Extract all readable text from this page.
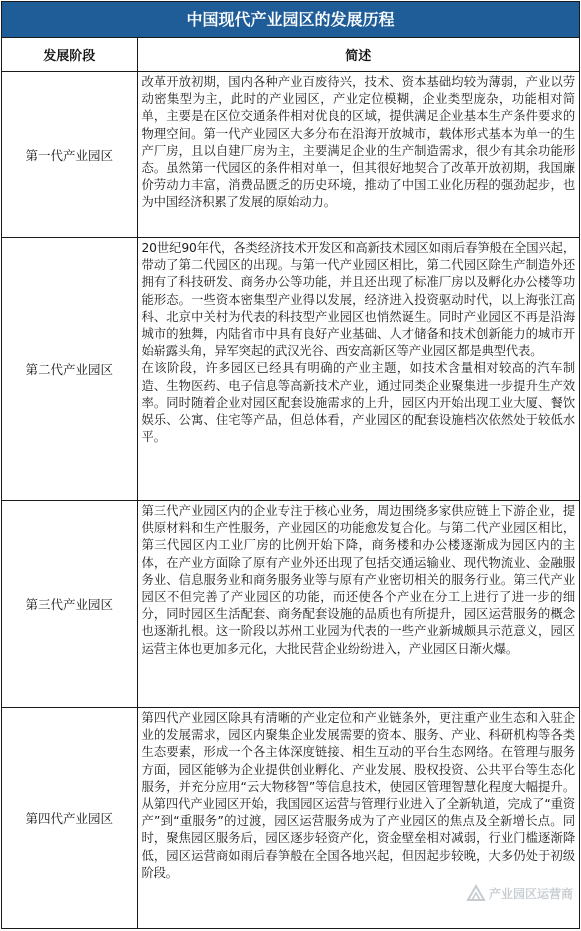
中国现代产业园区的发展历程
发展阶段	简述
第一代产业园区	改革开放初期，国内各种产业百废待兴，技术、资本基础均较为薄弱，产业以劳动密集型为主，此时的产业园区，产业定位模糊，企业类型庞杂，功能相对简单，主要是在区位交通条件相对优良的区域，提供满足企业基本生产条件要求的物理空间。第一代产业园区大多分布在沿海开放城市，载体形式基本为单一的生产厂房，且以自建厂房为主，主要满足企业的生产制造需求，很少有其余功能形态。虽然第一代园区的条件相对单一，但其很好地契合了改革开放初期，我国廉价劳动力丰富，消费品匮乏的历史环境，推动了中国工业化历程的强劲起步，也为中国经济积累了发展的原始动力。

第二代产业园区	20世纪90年代，各类经济技术开发区和高新技术园区如雨后春笋般在全国兴起，带动了第二代园区的出现。与第一代产业园区相比，第二代园区除生产制造外还拥有了科技研发、商务办公等功能，并且还出现了标准厂房以及孵化办公楼等功能形态。一些资本密集型产业得以发展，经济进入投资驱动时代，以上海张江高科、北京中关村为代表的科技型产业园区也悄然诞生。同时产业园区不再是沿海城市的独舞，内陆省市中具有良好产业基础、人才储备和技术创新能力的城市开始崭露头角，异军突起的武汉光谷、西安高新区等产业园区都是典型代表。

在该阶段，许多园区已经具有明确的产业主题，如技术含量相对较高的汽车制造、生物医药、电子信息等高新技术产业，通过同类企业聚集进一步提升生产效率。同时随着企业对园区配套设施需求的上升，园区内开始出现工业大厦、餐饮娱乐、公寓、住宅等产品，但总体看，产业园区的配套设施档次依然处于较低水平。

第三代产业园区	第三代产业园区内的企业专注于核心业务，周边围绕多家供应链上下游企业，提供原材料和生产性服务，产业园区的功能愈发复合化。与第二代产业园区相比，第三代园区内工业厂房的比例开始下降，商务楼和办公楼逐渐成为园区内的主体，在产业方面除了原有产业外还出现了包括交通运输业、现代物流业、金融服务业、信息服务业和商务服务业等与原有产业密切相关的服务行业。第三代产业园区不但完善了产业园区的功能，而还使各个产业在分工上进行了进一步的细分，同时园区生活配套、商务配套设施的品质也有所提升，园区运营服务的概念也逐渐扎根。这一阶段以苏州工业园为代表的一些产业新城颇具示范意义，园区运营主体也更加多元化，大批民营企业纷纷进入，产业园区日渐火爆。

第四代产业园区	第四代产业园区除具有清晰的产业定位和产业链条外，更注重产业生态和入驻企业的发展需求，园区内聚集企业发展需要的资本、服务、产业、科研机构等各类生态要素，形成一个各主体深度链接、相生互动的平台生态网络。在管理与服务方面，园区能够为企业提供创业孵化、产业发展、股权投资、公共平台等生态化服务，并充分应用“云大物移智”等信息技术，使园区管理智慧化程度大幅提升。从第四代产业园区开始，我国园区运营与管理行业进入了全新轨道，完成了“重资产”到“重服务”的过渡，园区运营服务成为了产业园区的焦点及全新增长点。同时，聚焦园区服务后，园区逐步轻资产化，资金壁垒相对减弱，行业门槛逐渐降低，园区运营商如雨后春笋般在全国各地兴起，但因起步较晚，大多仍处于初级阶段。

产业园区运营商
